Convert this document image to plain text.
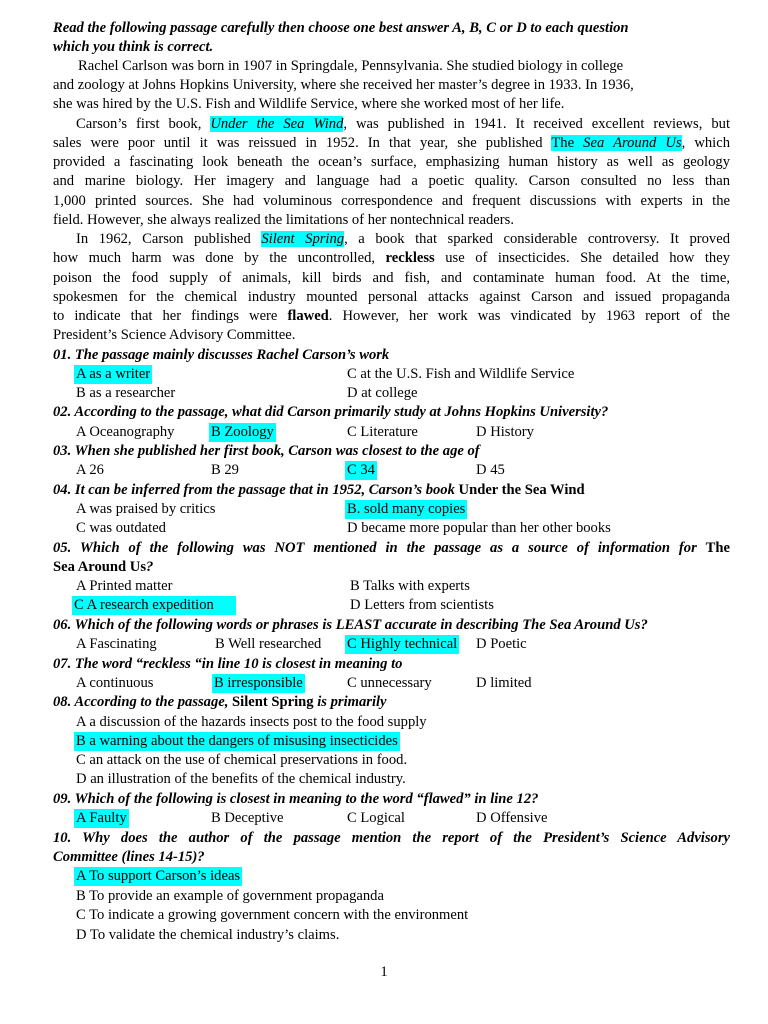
Read the following passage carefully then choose one best answer A, B, C or D to each question
which you think is correct.
Rachel Carlson was born in 1907 in Springdale, Pennsylvania. She studied biology in college
and zoology at Johns Hopkins University, where she received her master’s degree in 1933. In 1936,
she was hired by the U.S. Fish and Wildlife Service, where she worked most of her life.
Carson’s first book, Under the Sea Wind, was published in 1941. It received excellent reviews, but
sales were poor until it was reissued in 1952. In that year, she published The Sea Around Us, which
provided a fascinating look beneath the ocean’s surface, emphasizing human history as well as geology
and marine biology. Her imagery and language had a poetic quality. Carson consulted no less than
1,000 printed sources. She had voluminous correspondence and frequent discussions with experts in the
field. However, she always realized the limitations of her nontechnical readers.
In 1962, Carson published Silent Spring, a book that sparked considerable controversy. It proved
how much harm was done by the uncontrolled, reckless use of insecticides. She detailed how they
poison the food supply of animals, kill birds and fish, and contaminate human food. At the time,
spokesmen for the chemical industry mounted personal attacks against Carson and issued propaganda
to indicate that her findings were flawed. However, her work was vindicated by 1963 report of the
President’s Science Advisory Committee.
01. The passage mainly discusses Rachel Carson’s work
A as a writer	C at the U.S. Fish and Wildlife Service
B as a researcher	D at college
02. According to the passage, what did Carson primarily study at Johns Hopkins University?
A Oceanography	B Zoology	C Literature	D History
03. When she published her first book, Carson was closest to the age of
A 26	B 29	C 34	D 45
04. It can be inferred from the passage that in 1952, Carson’s book Under the Sea Wind
A was praised by critics	B. sold many copies
C was outdated	D became more popular than her other books
05. Which of the following was NOT mentioned in the passage as a source of information for The
Sea Around Us?
A Printed matter	B Talks with experts
C A research expedition	D Letters from scientists
06. Which of the following words or phrases is LEAST accurate in describing The Sea Around Us?
A Fascinating	B Well researched C Highly technical D Poetic
07. The word “reckless “in line 10 is closest in meaning to
A continuous	B irresponsible	C unnecessary	D limited
08. According to the passage, Silent Spring is primarily
A a discussion of the hazards insects post to the food supply
B a warning about the dangers of misusing insecticides
C an attack on the use of chemical preservations in food.
D an illustration of the benefits of the chemical industry.
09. Which of the following is closest in meaning to the word “flawed” in line 12?
A Faulty	B Deceptive	C Logical	D Offensive
10. Why does the author of the passage mention the report of the President’s Science Advisory
Committee (lines 14-15)?
A To support Carson’s ideas
B To provide an example of government propaganda
C To indicate a growing government concern with the environment
D To validate the chemical industry’s claims.
1
